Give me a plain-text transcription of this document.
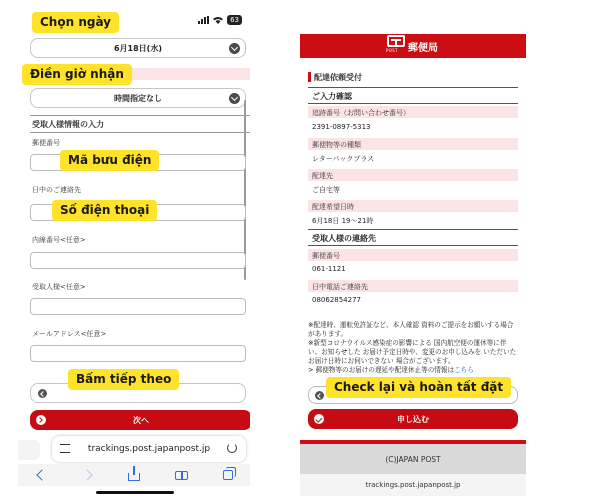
63
6月18日(水)
時間指定なし
受取人様情報の入力
郵便番号
日中のご連絡先
内線番号<任意>
受取人様<任意>
メールアドレス<任意>
次へ
trackings.post.japanpost.jp
POST 郵便局
配達依頼受付
ご入力確認
追跡番号（お問い合わせ番号）
2391-0897-5313
郵便物等の種類
レターパックプラス
配達先
ご自宅等
配達希望日時
6月18日 19～21時
受取人様の連絡先
郵便番号
061-1121
日中電話ご連絡先
08062854277
※配達時、運転免許証など、本人確認 資料のご提示をお願いする場合があります。
※新型コロナウイルス感染症の影響による 国内航空便の運休等に伴い、お知らせした お届け予定日時や、変更のお申し込みを いただいたお届け日時にお伺いできない 場合がございます。
> 郵便物等のお届けの遅延や配達休止等の情報はこちら
申し込む
(C)JAPAN POST
trackings.post.japanpost.jp
Chọn ngày
Điền giờ nhận
Mã bưu điện
Số điện thoại
Bấm tiếp theo
Check lại và hoàn tất đặt
